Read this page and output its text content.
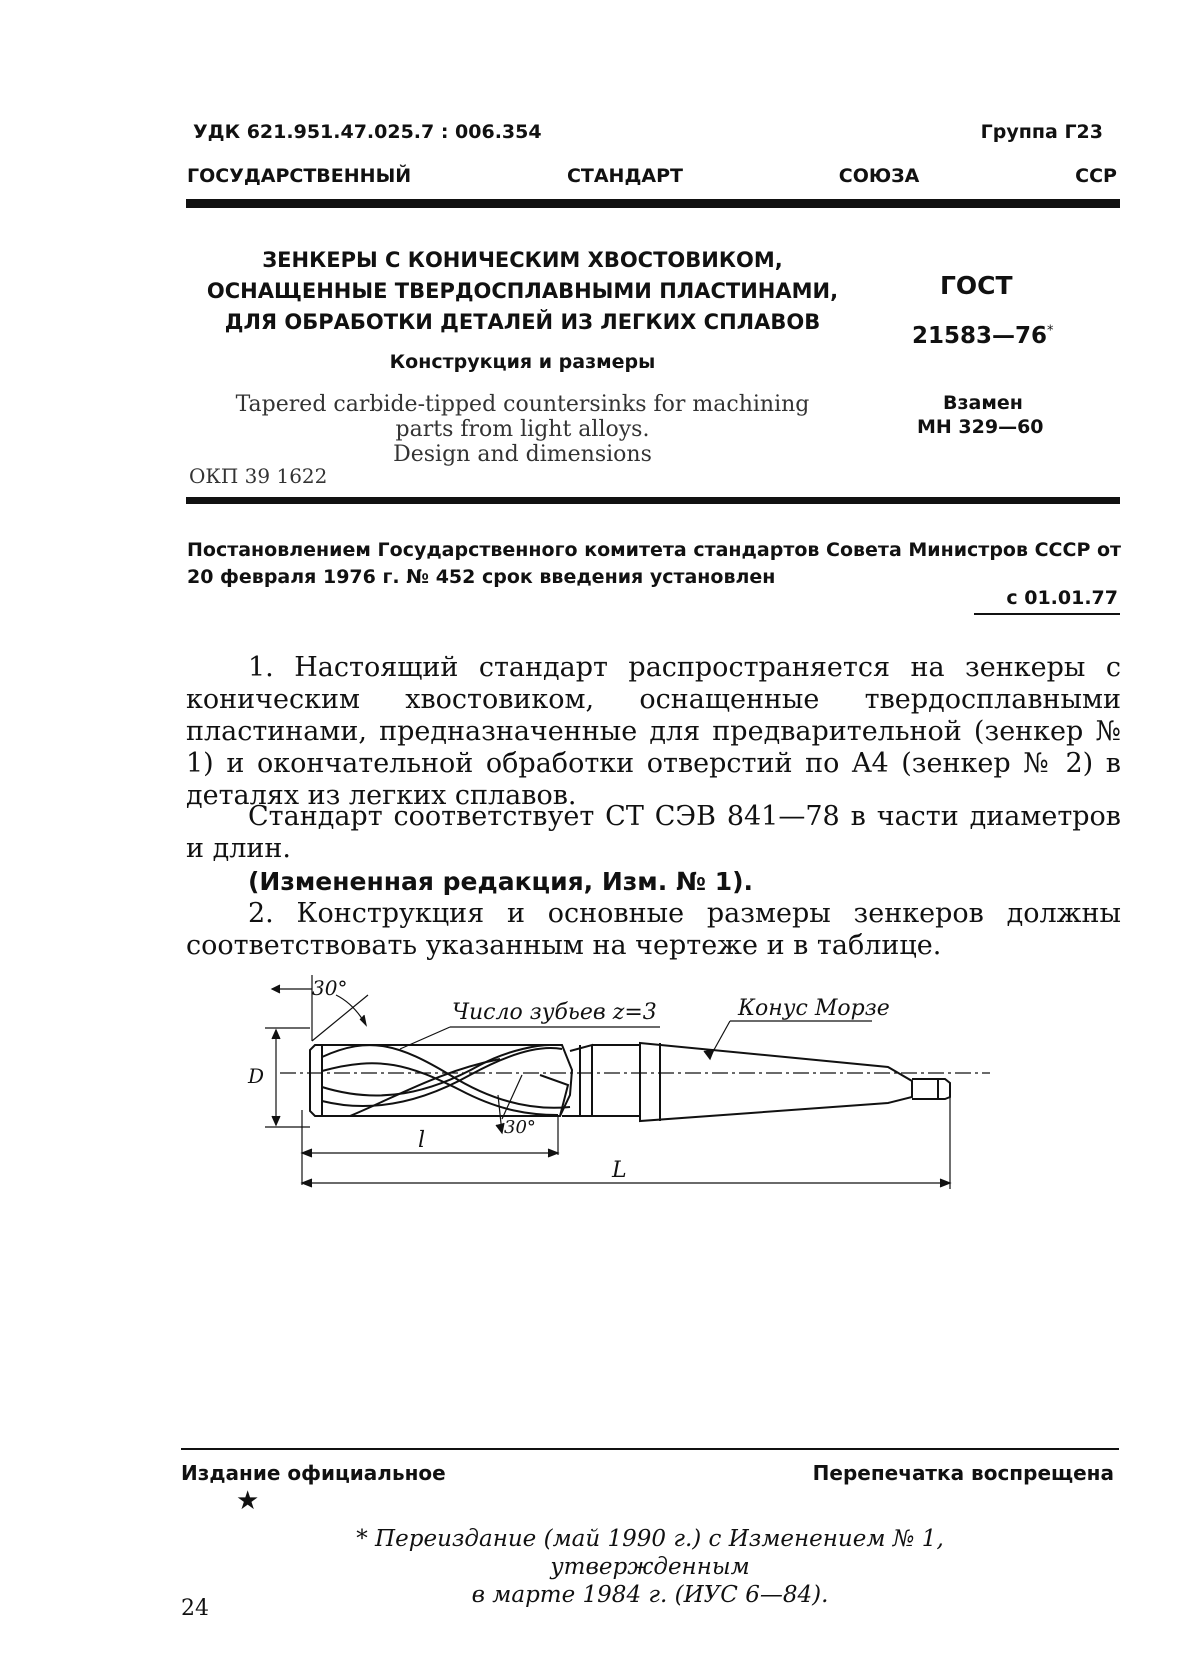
УДК 621.951.47.025.7 : 006.354	Группа Г23
ГОСУДАРСТВЕННЫЙ	СТАНДАРТ	СОЮЗА	ССР
ЗЕНКЕРЫ С КОНИЧЕСКИМ ХВОСТОВИКОМ,
ОСНАЩЕННЫЕ ТВЕРДОСПЛАВНЫМИ ПЛАСТИНАМИ,
ДЛЯ ОБРАБОТКИ ДЕТАЛЕЙ ИЗ ЛЕГКИХ СПЛАВОВ
Конструкция и размеры
Tapered carbide-tipped countersinks for machining
parts from light alloys.
Design and dimensions
ОКП 39 1622
ГОСТ
21583—76*
Взамен
МН 329—60
Постановлением Государственного комитета стандартов Совета Министров СССР от 20 февраля 1976 г. № 452 срок введения установлен
с 01.01.77

1. Настоящий стандарт распространяется на зенкеры с коническим хвостовиком, оснащенные твердосплавными пластинами, предназначенные для предварительной (зенкер № 1) и окончательной обработки отверстий по A4 (зенкер № 2) в деталях из легких сплавов.

Стандарт соответствует СТ СЭВ 841—78 в части диаметров и длин.

(Измененная редакция, Изм. № 1).

2. Конструкция и основные размеры зенкеров должны соответствовать указанным на чертеже и в таблице.

30°
Число зубьев z=3	Конус Морзе
D
30°
l
L
Издание официальное	Перепечатка воспрещена
★
* Переиздание (май 1990 г.) с Изменением № 1, утвержденным
в марте 1984 г. (ИУС 6—84).
24
